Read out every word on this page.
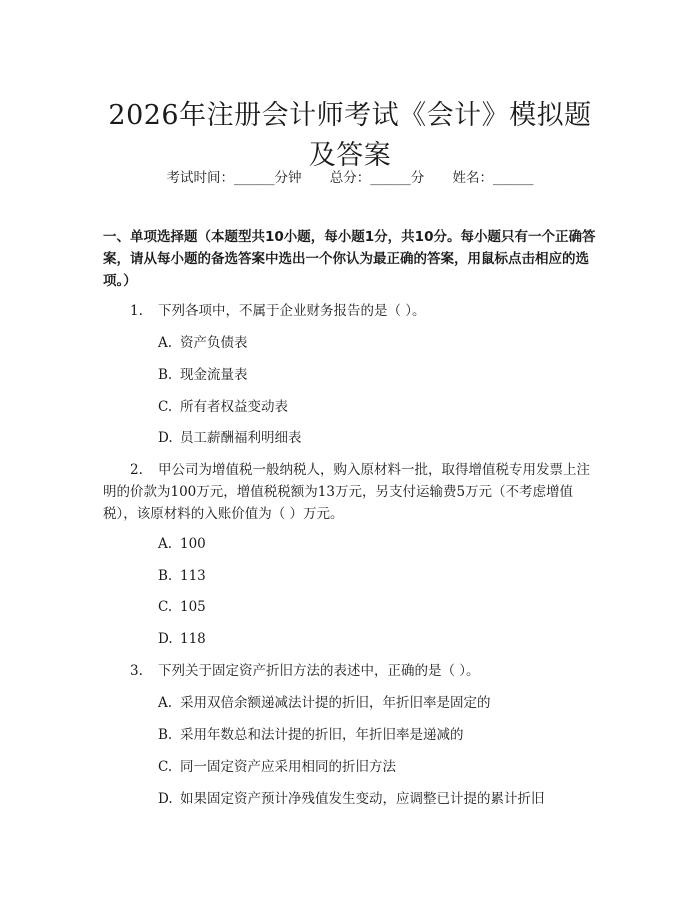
2026年注册会计师考试《会计》模拟题及答案
考试时间：______分钟 总分：______分 姓名：______
一、单项选择题（本题型共10小题，每小题1分，共10分。每小题只有一个正确答案，请从每小题的备选答案中选出一个你认为最正确的答案，用鼠标点击相应的选项。）
1. 下列各项中，不属于企业财务报告的是（ ）。
A. 资产负债表
B. 现金流量表
C. 所有者权益变动表
D. 员工薪酬福利明细表
2. 甲公司为增值税一般纳税人，购入原材料一批，取得增值税专用发票上注明的价款为100万元，增值税税额为13万元，另支付运输费5万元（不考虑增值税），该原材料的入账价值为（ ）万元。
A. 100
B. 113
C. 105
D. 118
3. 下列关于固定资产折旧方法的表述中，正确的是（ ）。
A. 采用双倍余额递减法计提的折旧，年折旧率是固定的
B. 采用年数总和法计提的折旧，年折旧率是递减的
C. 同一固定资产应采用相同的折旧方法
D. 如果固定资产预计净残值发生变动，应调整已计提的累计折旧
